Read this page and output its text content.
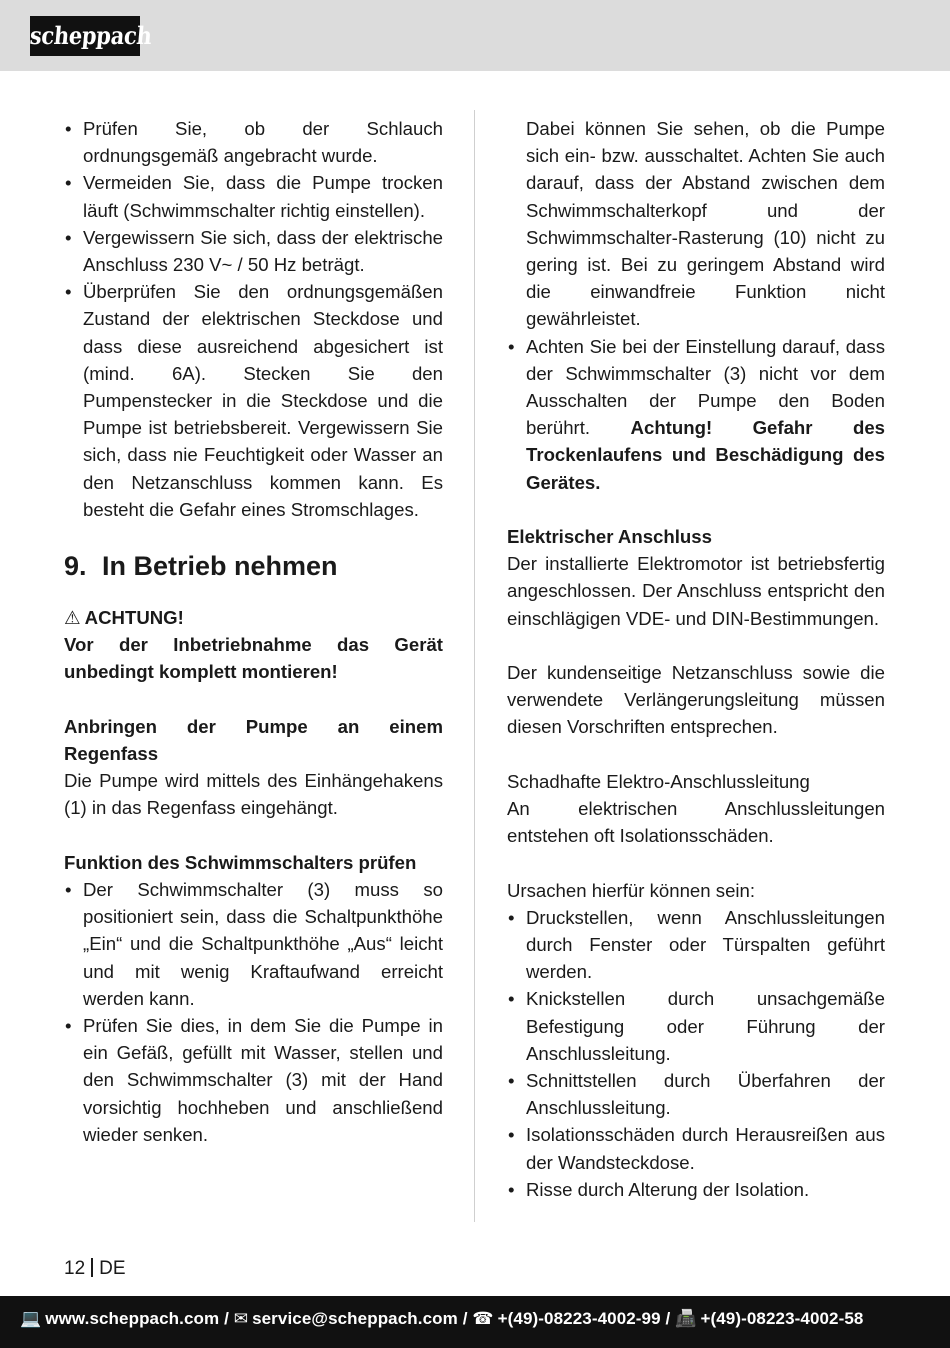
scheppach
• Prüfen Sie, ob der Schlauch ordnungsgemäß angebracht wurde.
• Vermeiden Sie, dass die Pumpe trocken läuft (Schwimmschalter richtig einstellen).
• Vergewissern Sie sich, dass der elektrische Anschluss 230 V~ / 50 Hz beträgt.
• Überprüfen Sie den ordnungsgemäßen Zustand der elektrischen Steckdose und dass diese ausreichend abgesichert ist (mind. 6A). Stecken Sie den Pumpenstecker in die Steckdose und die Pumpe ist betriebsbereit. Vergewissern Sie sich, dass nie Feuchtigkeit oder Wasser an den Netzanschluss kommen kann. Es besteht die Gefahr eines Stromschlages.
9. In Betrieb nehmen

⚠ ACHTUNG!

Vor der Inbetriebnahme das Gerät unbedingt komplett montieren!

Anbringen der Pumpe an einem Regenfass

Die Pumpe wird mittels des Einhängehakens (1) in das Regenfass eingehängt.

Funktion des Schwimmschalters prüfen

• Der Schwimmschalter (3) muss so positioniert sein, dass die Schaltpunkthöhe „Ein“ und die Schaltpunkthöhe „Aus“ leicht und mit wenig Kraftaufwand erreicht werden kann.
• Prüfen Sie dies, in dem Sie die Pumpe in ein Gefäß, gefüllt mit Wasser, stellen und den Schwimmschalter (3) mit der Hand vorsichtig hochheben und anschließend wieder senken.

Dabei können Sie sehen, ob die Pumpe sich ein- bzw. ausschaltet. Achten Sie auch darauf, dass der Abstand zwischen dem Schwimmschalterkopf und der Schwimmschalter-Rasterung (10) nicht zu gering ist. Bei zu geringem Abstand wird die einwandfreie Funktion nicht gewährleistet.

• Achten Sie bei der Einstellung darauf, dass der Schwimmschalter (3) nicht vor dem Ausschalten der Pumpe den Boden berührt. Achtung! Gefahr des Trockenlaufens und Beschädigung des Gerätes.

Elektrischer Anschluss

Der installierte Elektromotor ist betriebsfertig angeschlossen. Der Anschluss entspricht den einschlägigen VDE- und DIN-Bestimmungen.

Der kundenseitige Netzanschluss sowie die verwendete Verlängerungsleitung müssen diesen Vorschriften entsprechen.

Schadhafte Elektro-Anschlussleitung

An elektrischen Anschlussleitungen entstehen oft Isolationsschäden.

Ursachen hierfür können sein:

• Druckstellen, wenn Anschlussleitungen durch Fenster oder Türspalten geführt werden.
• Knickstellen durch unsachgemäße Befestigung oder Führung der Anschlussleitung.
• Schnittstellen durch Überfahren der Anschlussleitung.
• Isolationsschäden durch Herausreißen aus der Wandsteckdose.
• Risse durch Alterung der Isolation.
12 DE
💻 www.scheppach.com / ✉ service@scheppach.com / ☎ +(49)-08223-4002-99 / 📠 +(49)-08223-4002-58
